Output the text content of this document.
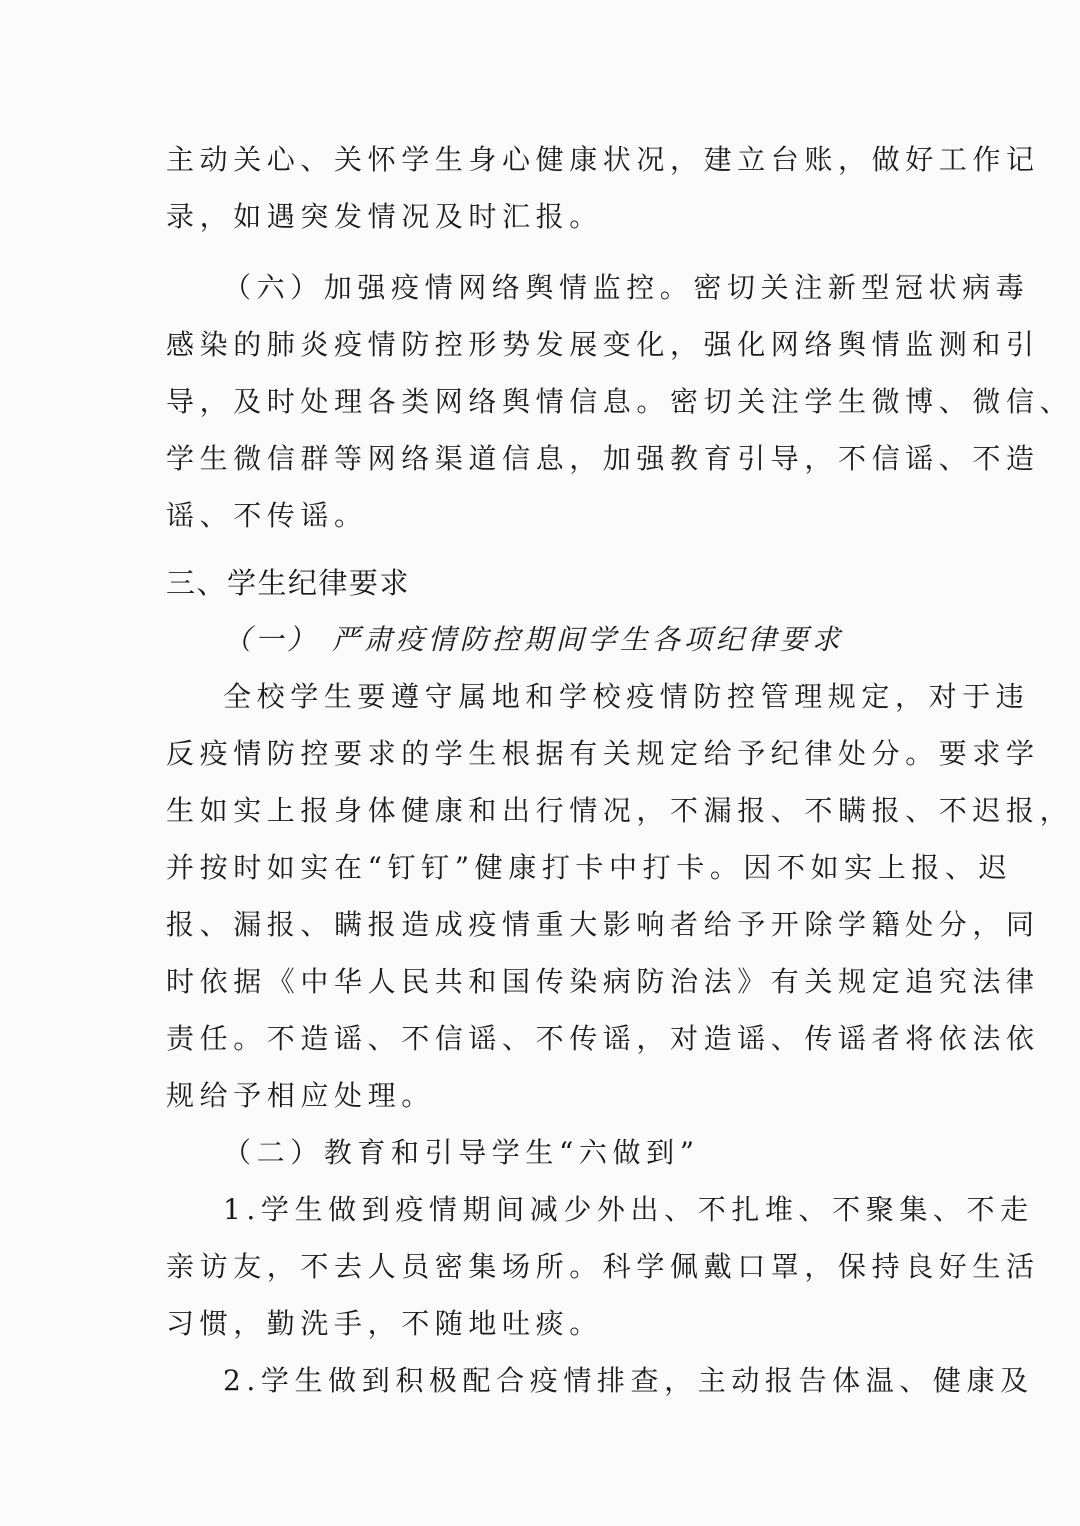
主动关心、关怀学生身心健康状况，建立台账，做好工作记
录，如遇突发情况及时汇报。
（六）加强疫情网络舆情监控。密切关注新型冠状病毒
感染的肺炎疫情防控形势发展变化，强化网络舆情监测和引
导，及时处理各类网络舆情信息。密切关注学生微博、微信、
学生微信群等网络渠道信息，加强教育引导，不信谣、不造
谣、不传谣。
三、学生纪律要求
（一） 严肃疫情防控期间学生各项纪律要求
全校学生要遵守属地和学校疫情防控管理规定，对于违
反疫情防控要求的学生根据有关规定给予纪律处分。要求学
生如实上报身体健康和出行情况，不漏报、不瞒报、不迟报，
并按时如实在“钉钉”健康打卡中打卡。因不如实上报、迟
报、漏报、瞒报造成疫情重大影响者给予开除学籍处分，同
时依据《中华人民共和国传染病防治法》有关规定追究法律
责任。不造谣、不信谣、不传谣，对造谣、传谣者将依法依
规给予相应处理。
（二）教育和引导学生“六做到”
1.学生做到疫情期间减少外出、不扎堆、不聚集、不走
亲访友，不去人员密集场所。科学佩戴口罩，保持良好生活
习惯，勤洗手，不随地吐痰。
2.学生做到积极配合疫情排查，主动报告体温、健康及
